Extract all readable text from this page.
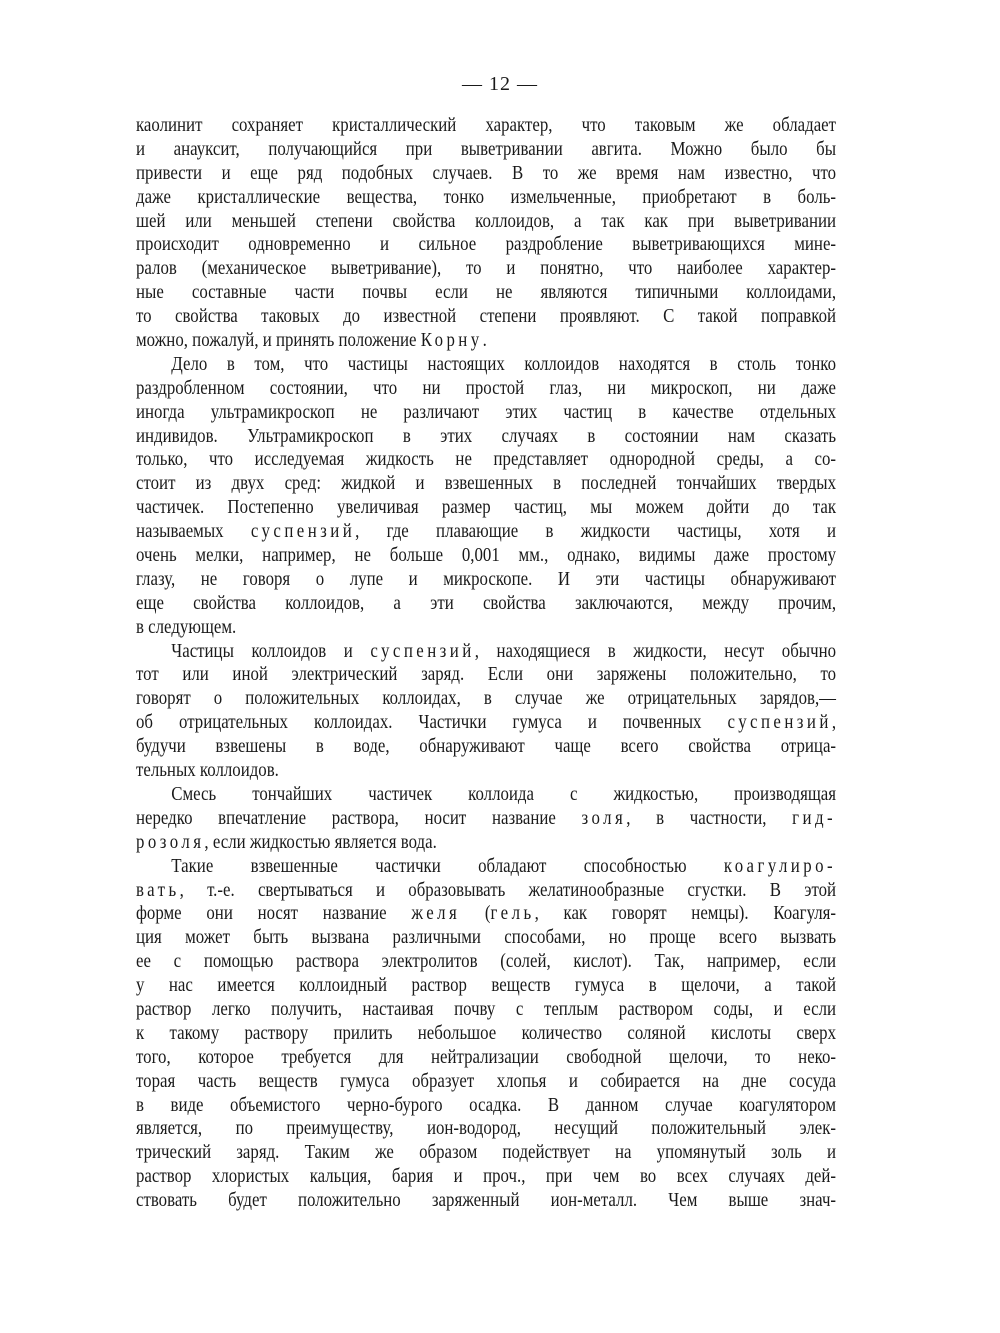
— 12 —
каолинит сохраняет кристаллический характер, что таковым же обладает
и анауксит, получающийся при выветривании авгита. Можно было бы
привести и еще ряд подобных случаев. В то же время нам известно, что
даже кристаллические вещества, тонко измельченные, приобретают в боль-
шей или меньшей степени свойства коллоидов, а так как при выветривании
происходит одновременно и сильное раздробление выветривающихся мине-
ралов (механическое выветривание), то и понятно, что наиболее характер-
ные составные части почвы если не являются типичными коллоидами,
то свойства таковых до известной степени проявляют. С такой поправкой
можно, пожалуй, и принять положение Корну.
Дело в том, что частицы настоящих коллоидов находятся в столь тонко
раздробленном состоянии, что ни простой глаз, ни микроскоп, ни даже
иногда ультрамикроскоп не различают этих частиц в качестве отдельных
индивидов. Ультрамикроскоп в этих случаях в состоянии нам сказать
только, что исследуемая жидкость не представляет однородной среды, а со-
стоит из двух сред: жидкой и взвешенных в последней тончайших твердых
частичек. Постепенно увеличивая размер частиц, мы можем дойти до так
называемых суспензий, где плавающие в жидкости частицы, хотя и
очень мелки, например, не больше 0,001 мм., однако, видимы даже простому
глазу, не говоря о лупе и микроскопе. И эти частицы обнаруживают
еще свойства коллоидов, а эти свойства заключаются, между прочим,
в следующем.
Частицы коллоидов и суспензий, находящиеся в жидкости, несут обычно
тот или иной электрический заряд. Если они заряжены положительно, то
говорят о положительных коллоидах, в случае же отрицательных зарядов,—
об отрицательных коллоидах. Частички гумуса и почвенных суспензий,
будучи взвешены в воде, обнаруживают чаще всего свойства отрица-
тельных коллоидов.
Смесь тончайших частичек коллоида с жидкостью, производящая
нередко впечатление раствора, носит название золя, в частности, гид-
розоля, если жидкостью является вода.
Такие взвешенные частички обладают способностью коагулиро-
вать, т.-е. свертываться и образовывать желатинообразные сгустки. В этой
форме они носят название желя (гель, как говорят немцы). Коагуля-
ция может быть вызвана различными способами, но проще всего вызвать
ее с помощью раствора электролитов (солей, кислот). Так, например, если
у нас имеется коллоидный раствор веществ гумуса в щелочи, а такой
раствор легко получить, настаивая почву с теплым раствором соды, и если
к такому раствору прилить небольшое количество соляной кислоты сверх
того, которое требуется для нейтрализации свободной щелочи, то неко-
торая часть веществ гумуса образует хлопья и собирается на дне сосуда
в виде объемистого черно-бурого осадка. В данном случае коагулятором
является, по преимуществу, ион-водород, несущий положительный элек-
трический заряд. Таким же образом подействует на упомянутый золь и
раствор хлористых кальция, бария и проч., при чем во всех случаях дей-
ствовать будет положительно заряженный ион-металл. Чем выше знач-
